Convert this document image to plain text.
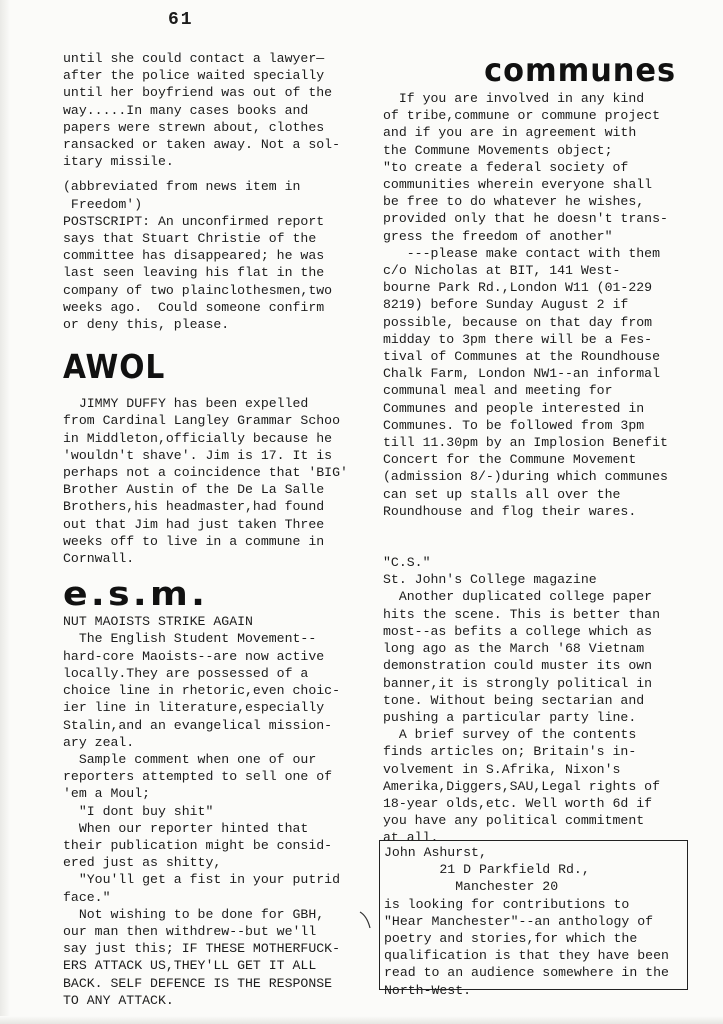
61

until she could contact a lawyer—

after the police waited specially

until her boyfriend was out of the

way.....In many cases books and

papers were strewn about, clothes

ransacked or taken away. Not a sol-

itary missile.

(abbreviated from news item in

Freedom')

POSTSCRIPT: An unconfirmed report

says that Stuart Christie of the

committee has disappeared; he was

last seen leaving his flat in the

company of two plainclothesmen,two

weeks ago.  Could someone confirm

or deny this, please.

AWOL

JIMMY DUFFY has been expelled

from Cardinal Langley Grammar Schoo

in Middleton,officially because he

'wouldn't shave'. Jim is 17. It is

perhaps not a coincidence that 'BIG'

Brother Austin of the De La Salle

Brothers,his headmaster,had found

out that Jim had just taken Three

weeks off to live in a commune in

Cornwall.

e.s.m.

NUT MAOISTS STRIKE AGAIN

The English Student Movement--

hard-core Maoists--are now active

locally.They are possessed of a

choice line in rhetoric,even choic-

ier line in literature,especially

Stalin,and an evangelical mission-

ary zeal.

Sample comment when one of our

reporters attempted to sell one of

'em a Moul;

"I dont buy shit"

When our reporter hinted that

their publication might be consid-

ered just as shitty,

"You'll get a fist in your putrid

face."

Not wishing to be done for GBH,

our man then withdrew--but we'll

say just this; IF THESE MOTHERFUCK-

ERS ATTACK US,THEY'LL GET IT ALL

BACK. SELF DEFENCE IS THE RESPONSE

TO ANY ATTACK.

communes

If you are involved in any kind

of tribe,commune or commune project

and if you are in agreement with

the Commune Movements object;

"to create a federal society of

communities wherein everyone shall

be free to do whatever he wishes,

provided only that he doesn't trans-

gress the freedom of another"

---please make contact with them

c/o Nicholas at BIT, 141 West-

bourne Park Rd.,London W11 (01-229

8219) before Sunday August 2 if

possible, because on that day from

midday to 3pm there will be a Fes-

tival of Communes at the Roundhouse

Chalk Farm, London NW1--an informal

communal meal and meeting for

Communes and people interested in

Communes. To be followed from 3pm

till 11.30pm by an Implosion Benefit

Concert for the Commune Movement

(admission 8/-)during which communes

can set up stalls all over the

Roundhouse and flog their wares.

"C.S."

St. John's College magazine

Another duplicated college paper

hits the scene. This is better than

most--as befits a college which as

long ago as the March '68 Vietnam

demonstration could muster its own

banner,it is strongly political in

tone. Without being sectarian and

pushing a particular party line.

A brief survey of the contents

finds articles on; Britain's in-

volvement in S.Afrika, Nixon's

Amerika,Diggers,SAU,Legal rights of

18-year olds,etc. Well worth 6d if

you have any political commitment

at all.

John Ashurst,

21 D Parkfield Rd.,

Manchester 20

is looking for contributions to

"Hear Manchester"--an anthology of

poetry and stories,for which the

qualification is that they have been

read to an audience somewhere in the

North-West.
